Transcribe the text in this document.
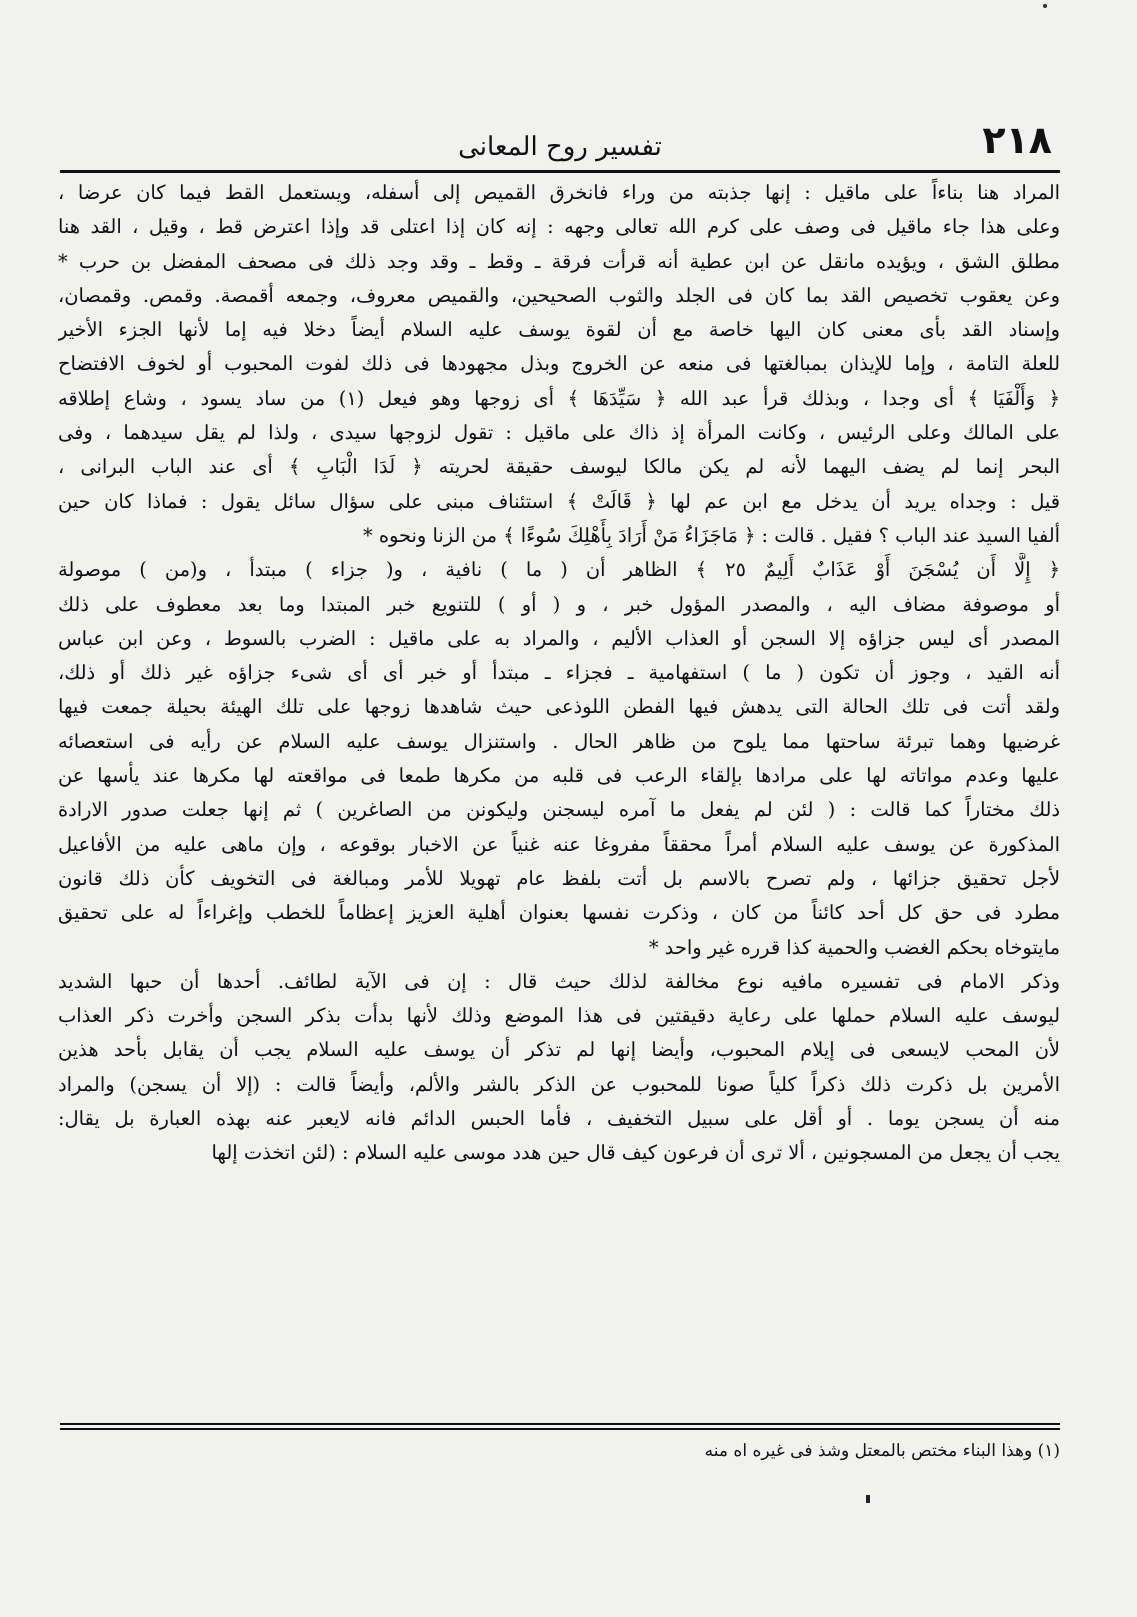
٢١٨
تفسير روح المعانى
المراد هنا بناءاً على ماقيل : إنها جذبته من وراء فانخرق القميص إلى أسفله، ويستعمل القط فيما كان عرضا ،
وعلى هذا جاء ماقيل فى وصف على كرم الله تعالى وجهه : إنه كان إذا اعتلى قد وإذا اعترض قط ، وقيل ، القد هنا
مطلق الشق ، ويؤيده مانقل عن ابن عطية أنه قرأت فرقة ـ وقط ـ وقد وجد ذلك فى مصحف المفضل بن حرب *
وعن يعقوب تخصيص القد بما كان فى الجلد والثوب الصحيحين، والقميص معروف، وجمعه أقمصة. وقمص. وقمصان،
وإسناد القد بأى معنى كان اليها خاصة مع أن لقوة يوسف عليه السلام أيضاً دخلا فيه إما لأنها الجزء الأخير
للعلة التامة ، وإما للإيذان بمبالغتها فى منعه عن الخروج وبذل مجهودها فى ذلك لفوت المحبوب أو لخوف الافتضاح
﴿ وَأَلْفَيَا ﴾ أى وجدا ، وبذلك قرأ عبد الله ﴿ سَيِّدَهَا ﴾ أى زوجها وهو فيعل (١) من ساد يسود ، وشاع إطلاقه
على المالك وعلى الرئيس ، وكانت المرأة إذ ذاك على ماقيل : تقول لزوجها سيدى ، ولذا لم يقل سيدهما ، وفى
البحر إنما لم يضف اليهما لأنه لم يكن مالكا ليوسف حقيقة لحريته ﴿ لَدَا الْبَابِ ﴾ أى عند الباب البرانى ،
قيل : وجداه يريد أن يدخل مع ابن عم لها ﴿ قَالَتْ ﴾ استئناف مبنى على سؤال سائل يقول : فماذا كان حين
ألفيا السيد عند الباب ؟ فقيل . قالت : ﴿ مَاجَزَاءُ مَنْ أَرَادَ بِأَهْلِكَ سُوءًا ﴾ من الزنا ونحوه *
﴿ إِلَّا أَن يُسْجَنَ أَوْ عَذَابٌ أَلِيمٌ ٢٥ ﴾ الظاهر أن ( ما ) نافية ، و( جزاء ) مبتدأ ، و(من ) موصولة
أو موصوفة مضاف اليه ، والمصدر المؤول خبر ، و ( أو ) للتنويع خبر المبتدا وما بعد معطوف على ذلك
المصدر أى ليس جزاؤه إلا السجن أو العذاب الأليم ، والمراد به على ماقيل : الضرب بالسوط ، وعن ابن عباس
أنه القيد ، وجوز أن تكون ( ما ) استفهامية ـ فجزاء ـ مبتدأ أو خبر أى أى شىء جزاؤه غير ذلك أو ذلك،
ولقد أتت فى تلك الحالة التى يدهش فيها الفطن اللوذعى حيث شاهدها زوجها على تلك الهيئة بحيلة جمعت فيها
غرضيها وهما تبرئة ساحتها مما يلوح من ظاهر الحال . واستنزال يوسف عليه السلام عن رأيه فى استعصائه
عليها وعدم مواتاته لها على مرادها بإلقاء الرعب فى قلبه من مكرها طمعا فى مواقعته لها مكرها عند يأسها عن
ذلك مختاراً كما قالت : ( لئن لم يفعل ما آمره ليسجنن وليكونن من الصاغرين ) ثم إنها جعلت صدور الارادة
المذكورة عن يوسف عليه السلام أمراً محققاً مفروغا عنه غنياً عن الاخبار بوقوعه ، وإن ماهى عليه من الأفاعيل
لأجل تحقيق جزائها ، ولم تصرح بالاسم بل أتت بلفظ عام تهويلا للأمر ومبالغة فى التخويف كأن ذلك قانون
مطرد فى حق كل أحد كائناً من كان ، وذكرت نفسها بعنوان أهلية العزيز إعظاماً للخطب وإغراءاً له على تحقيق
مايتوخاه بحكم الغضب والحمية كذا قرره غير واحد *
وذكر الامام فى تفسيره مافيه نوع مخالفة لذلك حيث قال : إن فى الآية لطائف. أحدها أن حبها الشديد
ليوسف عليه السلام حملها على رعاية دقيقتين فى هذا الموضع وذلك لأنها بدأت بذكر السجن وأخرت ذكر العذاب
لأن المحب لايسعى فى إيلام المحبوب، وأيضا إنها لم تذكر أن يوسف عليه السلام يجب أن يقابل بأحد هذين
الأمرين بل ذكرت ذلك ذكراً كلياً صونا للمحبوب عن الذكر بالشر والألم، وأيضاً قالت : (إلا أن يسجن) والمراد
منه أن يسجن يوما . أو أقل على سبيل التخفيف ، فأما الحبس الدائم فانه لايعبر عنه بهذه العبارة بل يقال:
يجب أن يجعل من المسجونين ، ألا ترى أن فرعون كيف قال حين هدد موسى عليه السلام : (لئن اتخذت إلها
(١) وهذا البناء مختص بالمعتل وشذ فى غيره اه منه
